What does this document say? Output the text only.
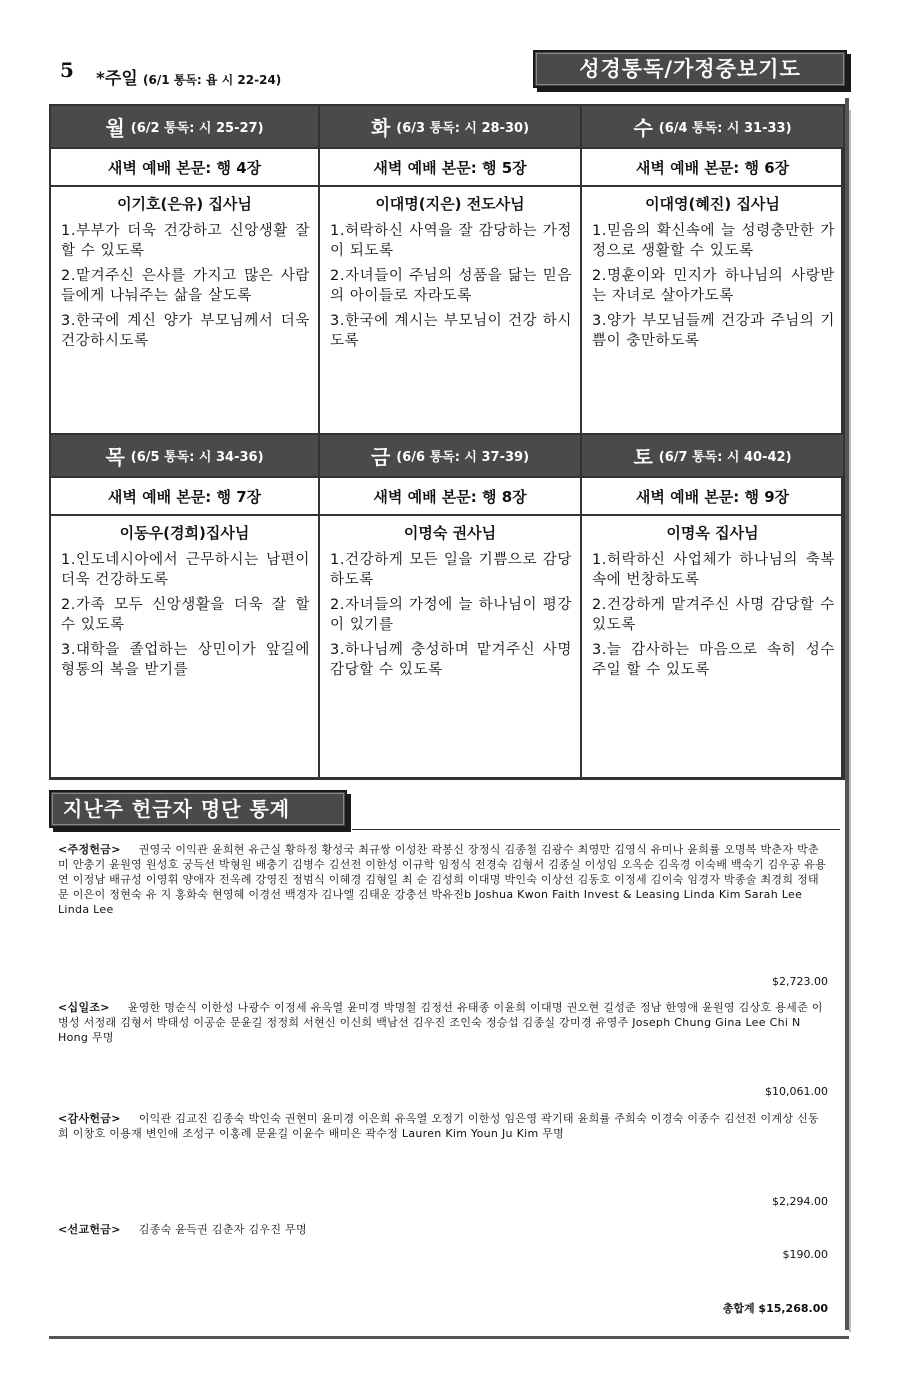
5 *주일 (6/1 통독: 욥 시 22-24)	성경통독/가정중보기도
월 (6/2 통독: 시 25-27)
새벽 예배 본문: 행 4장
이기호(은유) 집사님
1.부부가 더욱 건강하고 신앙생활 잘 할 수 있도록
2.맡겨주신 은사를 가지고 많은 사람들에게 나눠주는 삶을 살도록
3.한국에 계신 양가 부모님께서 더욱 건강하시도록
화 (6/3 통독: 시 28-30)
새벽 예배 본문: 행 5장
이대명(지은) 전도사님
1.허락하신 사역을 잘 감당하는 가정이 되도록
2.자녀들이 주님의 성품을 닮는 믿음의 아이들로 자라도록
3.한국에 계시는 부모님이 건강 하시도록
수 (6/4 통독: 시 31-33)
새벽 예배 본문: 행 6장
이대영(혜진) 집사님
1.믿음의 확신속에 늘 성령충만한 가정으로 생활할 수 있도록
2.명훈이와 민지가 하나님의 사랑받는 자녀로 살아가도록
3.양가 부모님들께 건강과 주님의 기쁨이 충만하도록
목 (6/5 통독: 시 34-36)
새벽 예배 본문: 행 7장
이동우(경희)집사님
1.인도네시아에서 근무하시는 남편이 더욱 건강하도록
2.가족 모두 신앙생활을 더욱 잘 할 수 있도록
3.대학을 졸업하는 상민이가 앞길에 형통의 복을 받기를
금 (6/6 통독: 시 37-39)
새벽 예배 본문: 행 8장
이명숙 권사님
1.건강하게 모든 일을 기쁨으로 감당하도록
2.자녀들의 가정에 늘 하나님이 평강이 있기를
3.하나님께 충성하며 맡겨주신 사명 감당할 수 있도록
토 (6/7 통독: 시 40-42)
새벽 예배 본문: 행 9장
이명옥 집사님
1.허락하신 사업체가 하나님의 축복 속에 번창하도록
2.건강하게 맡겨주신 사명 감당할 수 있도록
3.늘 감사하는 마음으로 속히 성수 주일 할 수 있도록
지난주 헌금자 명단 통계
<주정헌금> 권영국 이익관 윤희현 유근실 황하정 황성국 최규쌍 이성찬 곽봉신 장정식 김종철 김광수 최영만 김영식 유미나 윤희률 오명복 박춘자 박춘미 안충기 윤원영 원성호 궁득선 박형원 배충기 김병수 김선전 이한성 이규학 임정식 전경숙 김형서 김종실 이성임 오옥순 김옥경 이숙배 백숙기 김우공 유용연 이정남 배규성 이영휘 양애자 전옥례 강영진 정범식 이혜경 김형일 최 순 김성희 이대명 박인숙 이상선 김동호 이정세 김이숙 임경자 박종술 최경희 정태문 이은이 정현숙 유 지 홍화숙 현영혜 이경선 백경자 김나엘 김태운 강충선 박유진b Joshua Kwon Faith Invest & Leasing Linda Kim Sarah Lee Linda Lee
$2,723.00
<십일조> 윤영한 명순식 이한성 나광수 이정세 유옥열 윤미경 박명철 김정선 유태종 이윤희 이대명 권오현 길성준 정남 한영애 윤원영 김상호 용세준 이병성 서정래 김형서 박태성 이공순 문윤길 정정희 서현신 이신희 백남선 김우진 조인숙 정승섭 김종실 강미경 유영주 Joseph Chung Gina Lee Chi N Hong 무명
$10,061.00
<감사헌금> 이익관 김교진 김종숙 박인숙 권현미 윤미경 이은희 유옥열 오정기 이한성 임은영 곽기태 윤희률 주희숙 이경숙 이종수 김선전 이계상 신동희 이창호 이용재 변인애 조성구 이홍례 문윤길 이윤수 배미은 곽수정 Lauren Kim Youn Ju Kim 무명
$2,294.00
<선교헌금> 김종숙 윤득권 김춘자 김우진 무명
$190.00
총합계 $15,268.00
